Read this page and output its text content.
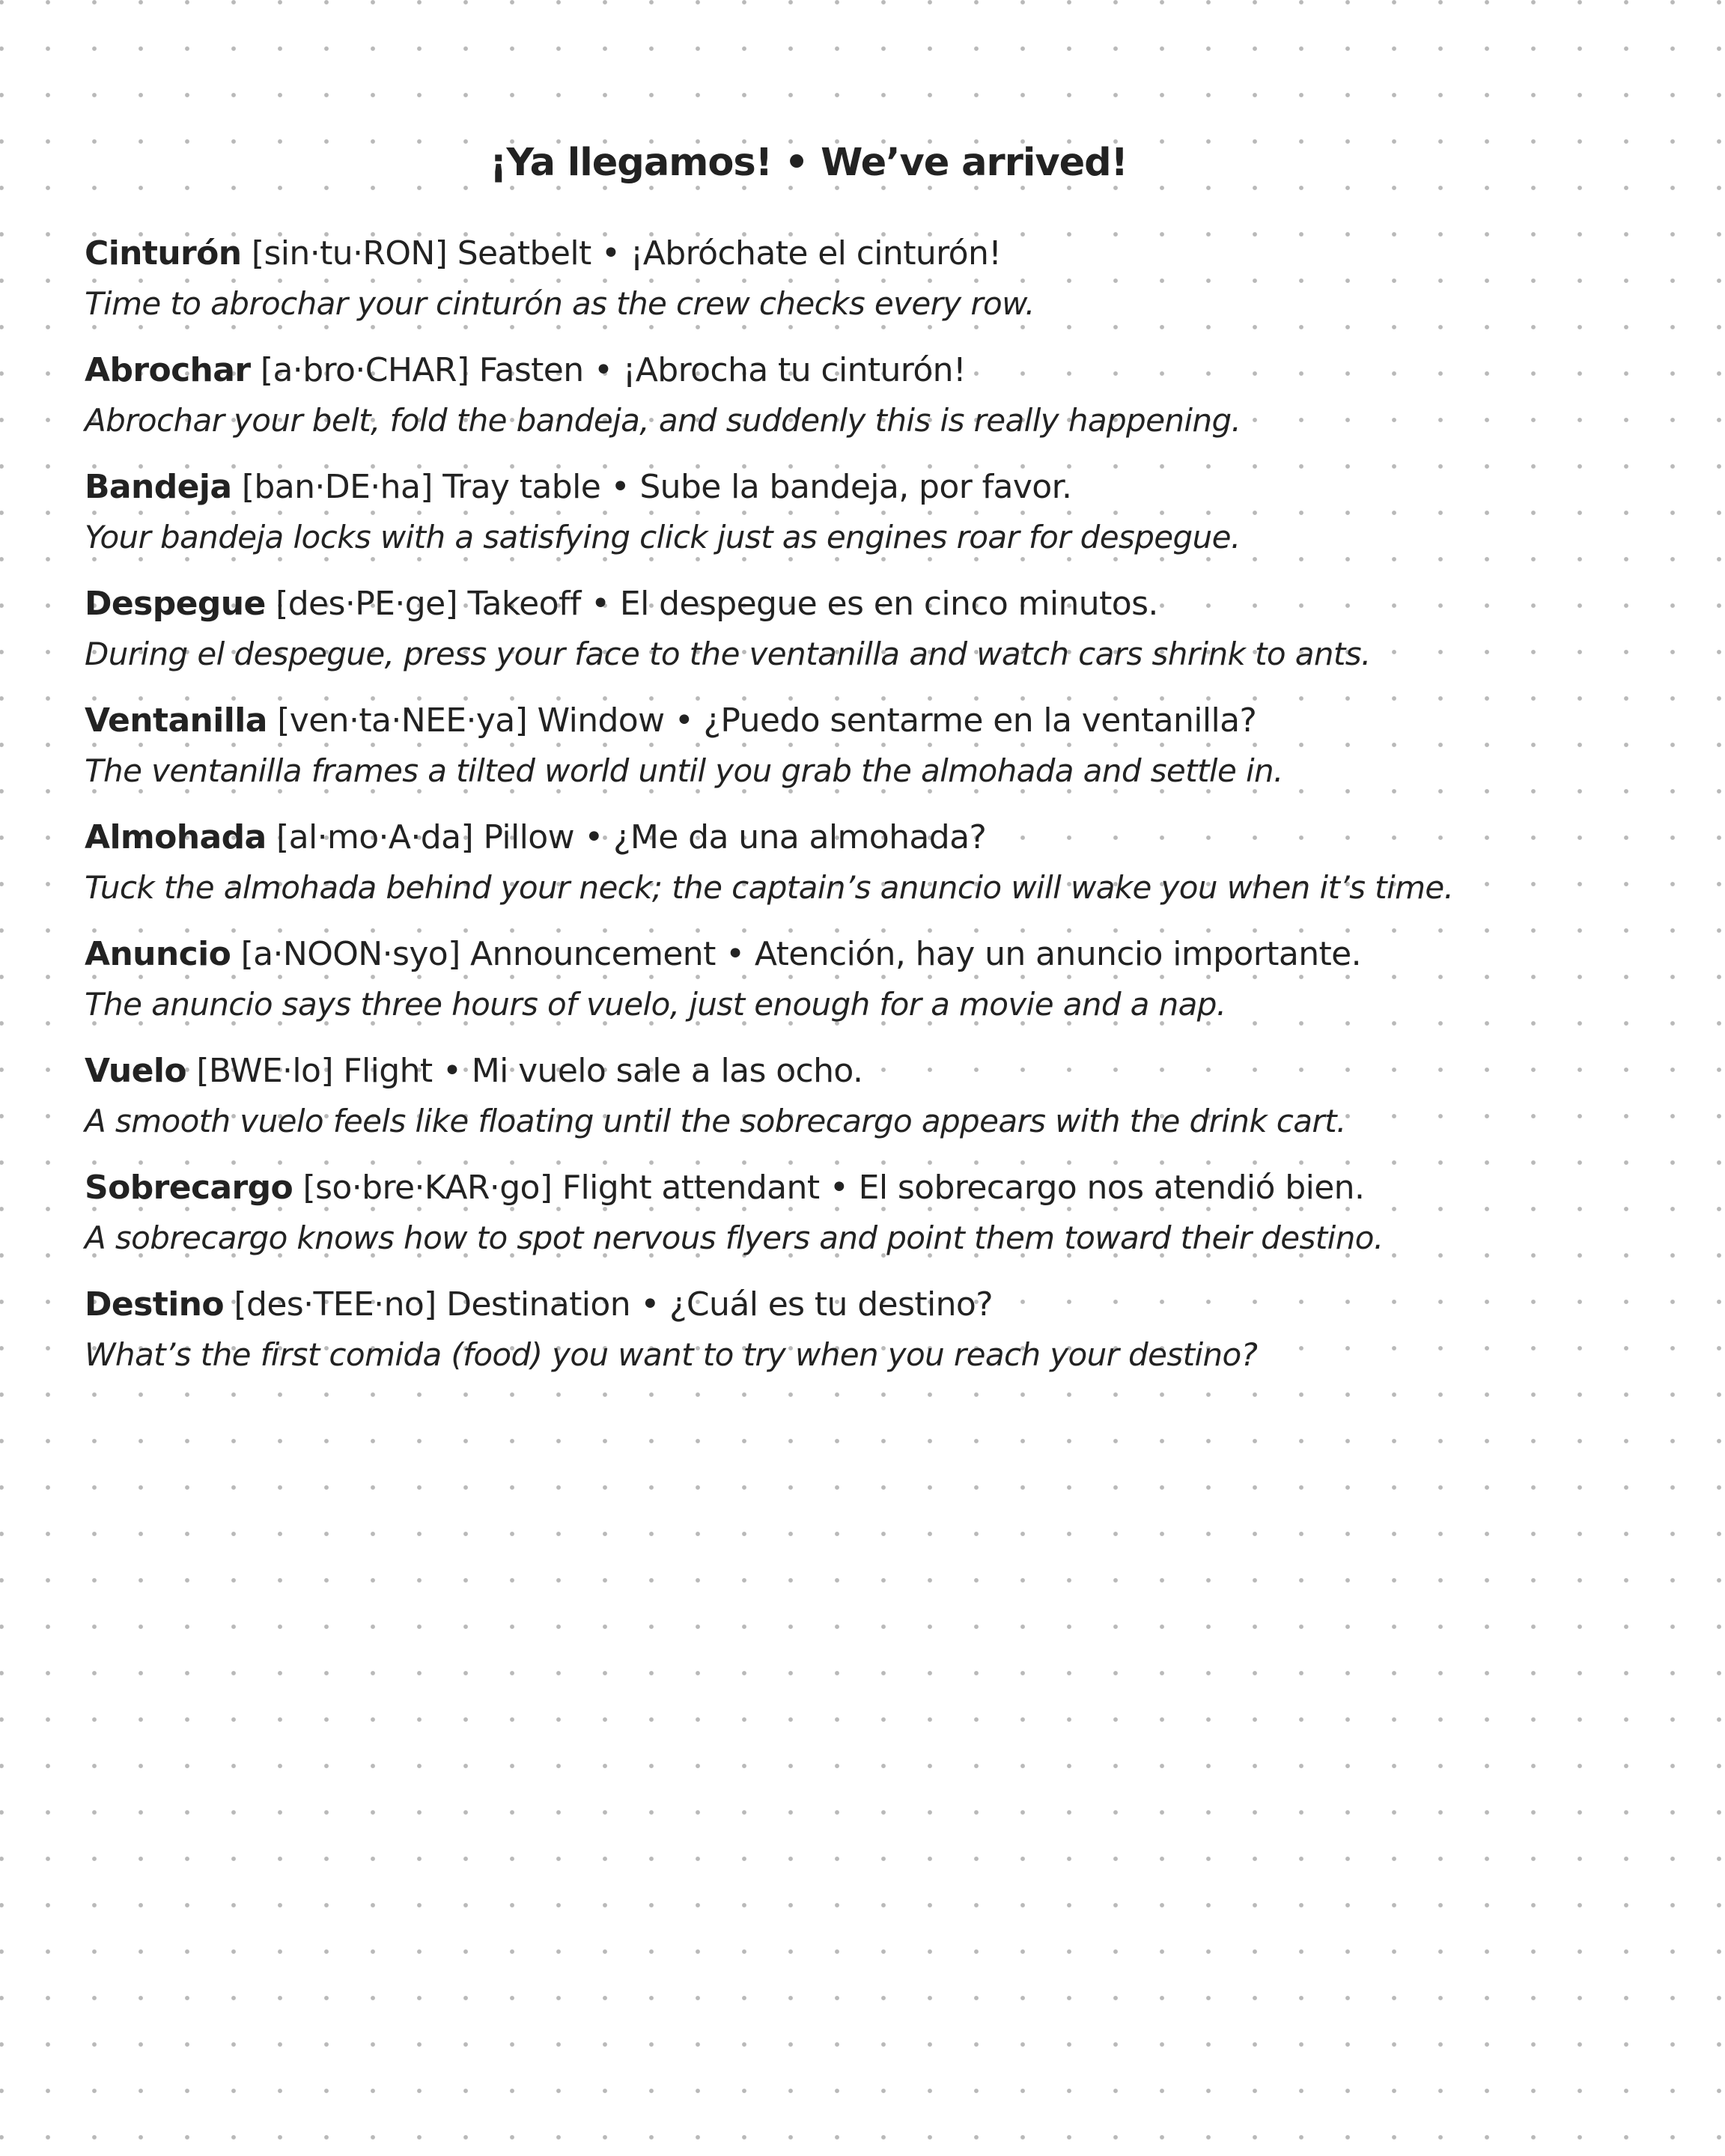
¡Ya llegamos! • We’ve arrived!
Cinturón [sin·tu·RON] Seatbelt • ¡Abróchate el cinturón!
Time to abrochar your cinturón as the crew checks every row.
Abrochar [a·bro·CHAR] Fasten • ¡Abrocha tu cinturón!
Abrochar your belt, fold the bandeja, and suddenly this is really happening.
Bandeja [ban·DE·ha] Tray table • Sube la bandeja, por favor.
Your bandeja locks with a satisfying click just as engines roar for despegue.
Despegue [des·PE·ge] Takeoff • El despegue es en cinco minutos.
During el despegue, press your face to the ventanilla and watch cars shrink to ants.
Ventanilla [ven·ta·NEE·ya] Window • ¿Puedo sentarme en la ventanilla?
The ventanilla frames a tilted world until you grab the almohada and settle in.
Almohada [al·mo·A·da] Pillow • ¿Me da una almohada?
Tuck the almohada behind your neck; the captain’s anuncio will wake you when it’s time.
Anuncio [a·NOON·syo] Announcement • Atención, hay un anuncio importante.
The anuncio says three hours of vuelo, just enough for a movie and a nap.
Vuelo [BWE·lo] Flight • Mi vuelo sale a las ocho.
A smooth vuelo feels like floating until the sobrecargo appears with the drink cart.
Sobrecargo [so·bre·KAR·go] Flight attendant • El sobrecargo nos atendió bien.
A sobrecargo knows how to spot nervous flyers and point them toward their destino.
Destino [des·TEE·no] Destination • ¿Cuál es tu destino?
What’s the first comida (food) you want to try when you reach your destino?
